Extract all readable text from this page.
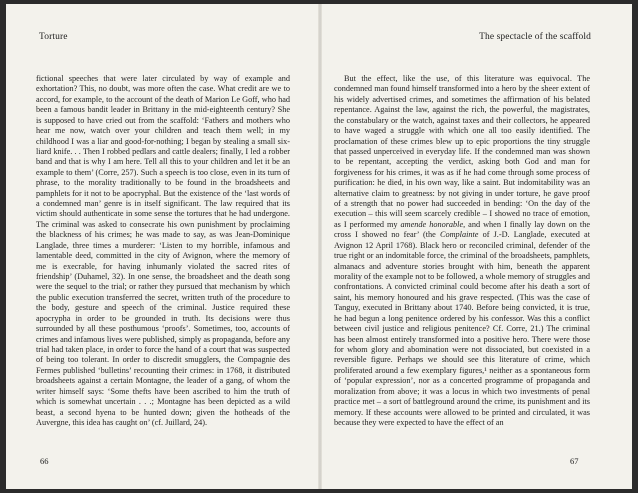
Torture

fictional speeches that were later circulated by way of example and exhortation? This, no doubt, was more often the case. What credit are we to accord, for example, to the account of the death of Marion Le Goff, who had been a famous bandit leader in Brittany in the mid-eighteenth century? She is supposed to have cried out from the scaffold: ‘Fathers and mothers who hear me now, watch over your children and teach them well; in my childhood I was a liar and good-for-nothing; I began by stealing a small six-liard knife. . . Then I robbed pedlars and cattle dealers; finally, I led a robber band and that is why I am here. Tell all this to your children and let it be an example to them’ (Corre, 257). Such a speech is too close, even in its turn of phrase, to the morality traditionally to be found in the broadsheets and pamphlets for it not to be apocryphal. But the existence of the ‘last words of a condemned man’ genre is in itself significant. The law required that its victim should authenticate in some sense the tortures that he had undergone. The criminal was asked to consecrate his own punishment by proclaiming the blackness of his crimes; he was made to say, as was Jean-Dominique Langlade, three times a murderer: ‘Listen to my horrible, infamous and lamentable deed, committed in the city of Avignon, where the memory of me is execrable, for having inhumanly violated the sacred rites of friendship’ (Duhamel, 32). In one sense, the broadsheet and the death song were the sequel to the trial; or rather they pursued that mechanism by which the public execution transferred the secret, written truth of the procedure to the body, gesture and speech of the criminal. Justice required these apocrypha in order to be grounded in truth. Its decisions were thus surrounded by all these posthumous ‘proofs’. Sometimes, too, accounts of crimes and infamous lives were published, simply as propaganda, before any trial had taken place, in order to force the hand of a court that was suspected of being too tolerant. In order to discredit smugglers, the Compagnie des Fermes published ‘bulletins’ recounting their crimes: in 1768, it distributed broadsheets against a certain Montagne, the leader of a gang, of whom the writer himself says: ‘Some thefts have been ascribed to him the truth of which is somewhat uncertain . . .; Montagne has been depicted as a wild beast, a second hyena to be hunted down; given the hotheads of the Auvergne, this idea has caught on’ (cf. Juillard, 24).

66

The spectacle of the scaffold

But the effect, like the use, of this literature was equivocal. The condemned man found himself transformed into a hero by the sheer extent of his widely advertised crimes, and sometimes the affirmation of his belated repentance. Against the law, against the rich, the powerful, the magistrates, the constabulary or the watch, against taxes and their collectors, he appeared to have waged a struggle with which one all too easily identified. The proclamation of these crimes blew up to epic proportions the tiny struggle that passed unperceived in everyday life. If the condemned man was shown to be repentant, accepting the verdict, asking both God and man for forgiveness for his crimes, it was as if he had come through some process of purification: he died, in his own way, like a saint. But indomitability was an alternative claim to greatness: by not giving in under torture, he gave proof of a strength that no power had succeeded in bending: ‘On the day of the execution – this will seem scarcely credible – I showed no trace of emotion, as I performed my amende honorable, and when I finally lay down on the cross I showed no fear’ (the Complainte of J.-D. Langlade, executed at Avignon 12 April 1768). Black hero or reconciled criminal, defender of the true right or an indomitable force, the criminal of the broadsheets, pamphlets, almanacs and adventure stories brought with him, beneath the apparent morality of the example not to be followed, a whole memory of struggles and confrontations. A convicted criminal could become after his death a sort of saint, his memory honoured and his grave respected. (This was the case of Tanguy, executed in Brittany about 1740. Before being convicted, it is true, he had begun a long penitence ordered by his confessor. Was this a conflict between civil justice and religious penitence? Cf. Corre, 21.) The criminal has been almost entirely transformed into a positive hero. There were those for whom glory and abomination were not dissociated, but coexisted in a reversible figure. Perhaps we should see this literature of crime, which proliferated around a few exemplary figures,¹ neither as a spontaneous form of ‘popular expression’, nor as a concerted programme of propaganda and moralization from above; it was a locus in which two investments of penal practice met – a sort of battleground around the crime, its punishment and its memory. If these accounts were allowed to be printed and circulated, it was because they were expected to have the effect of an

67
